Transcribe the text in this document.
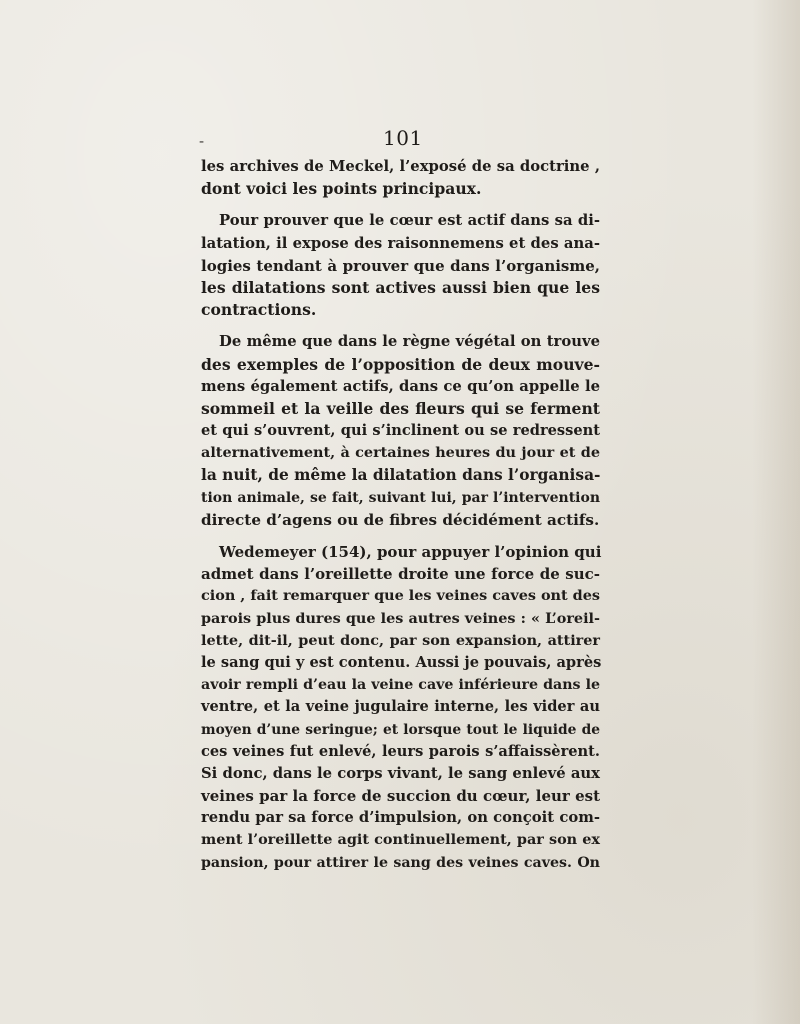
-	101
les archives de Meckel, l’exposé de sa doctrine ,
dont voici les points principaux.
Pour prouver que le cœur est actif dans sa di-
latation, il expose des raisonnemens et des ana-
logies tendant à prouver que dans l’organisme,
les dilatations sont actives aussi bien que les
contractions.
De même que dans le règne végétal on trouve
des exemples de l’opposition de deux mouve-
mens également actifs, dans ce qu’on appelle le
sommeil et la veille des fleurs qui se ferment
et qui s’ouvrent, qui s’inclinent ou se redressent
alternativement, à certaines heures du jour et de
la nuit, de même la dilatation dans l’organisa-
tion animale, se fait, suivant lui, par l’intervention
directe d’agens ou de fibres décidément actifs.
Wedemeyer (154), pour appuyer l’opinion qui
admet dans l’oreillette droite une force de suc-
cion , fait remarquer que les veines caves ont des
parois plus dures que les autres veines : « L’oreil-
lette, dit-il, peut donc, par son expansion, attirer
le sang qui y est contenu. Aussi je pouvais, après
avoir rempli d’eau la veine cave inférieure dans le
ventre, et la veine jugulaire interne, les vider au
moyen d’une seringue; et lorsque tout le liquide de
ces veines fut enlevé, leurs parois s’affaissèrent.
Si donc, dans le corps vivant, le sang enlevé aux
veines par la force de succion du cœur, leur est
rendu par sa force d’impulsion, on conçoit com-
ment l’oreillette agit continuellement, par son ex
pansion, pour attirer le sang des veines caves. On
